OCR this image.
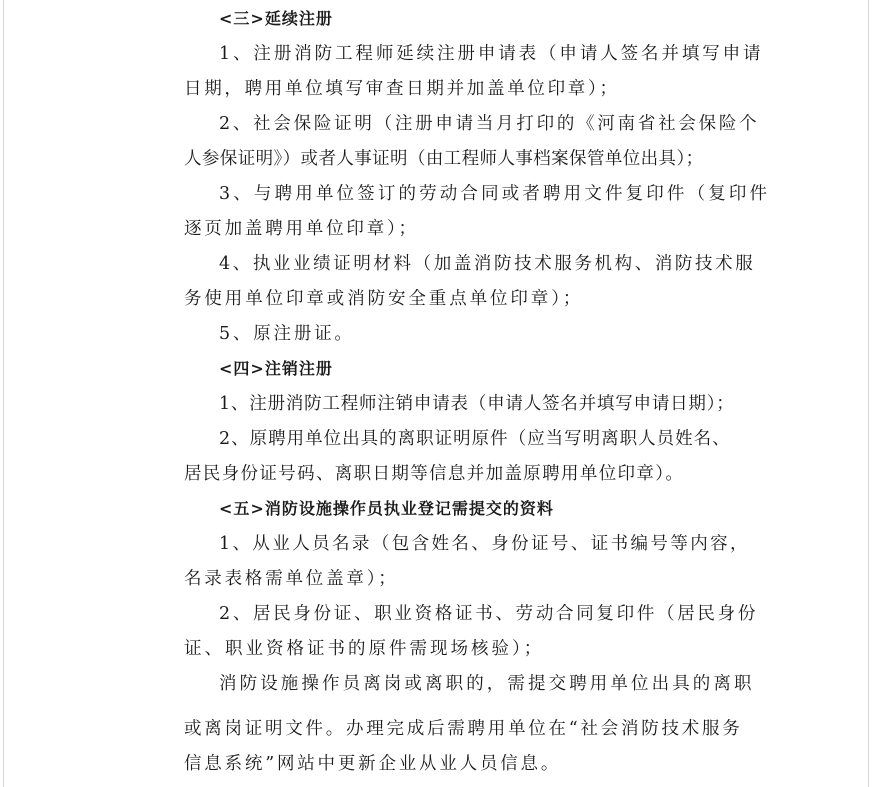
<三>延续注册
1、注册消防工程师延续注册申请表（申请人签名并填写申请
日期，聘用单位填写审查日期并加盖单位印章）；
2、社会保险证明（注册申请当月打印的《河南省社会保险个
人参保证明》）或者人事证明（由工程师人事档案保管单位出具）；
3、与聘用单位签订的劳动合同或者聘用文件复印件（复印件
逐页加盖聘用单位印章）；
4、执业业绩证明材料（加盖消防技术服务机构、消防技术服
务使用单位印章或消防安全重点单位印章）；
5、原注册证。
<四>注销注册
1、注册消防工程师注销申请表（申请人签名并填写申请日期）；
2、原聘用单位出具的离职证明原件（应当写明离职人员姓名、
居民身份证号码、离职日期等信息并加盖原聘用单位印章）。
<五>消防设施操作员执业登记需提交的资料
1、从业人员名录（包含姓名、身份证号、证书编号等内容，
名录表格需单位盖章）；
2、居民身份证、职业资格证书、劳动合同复印件（居民身份
证、职业资格证书的原件需现场核验）；
消防设施操作员离岗或离职的，需提交聘用单位出具的离职
或离岗证明文件。办理完成后需聘用单位在“社会消防技术服务
信息系统”网站中更新企业从业人员信息。
